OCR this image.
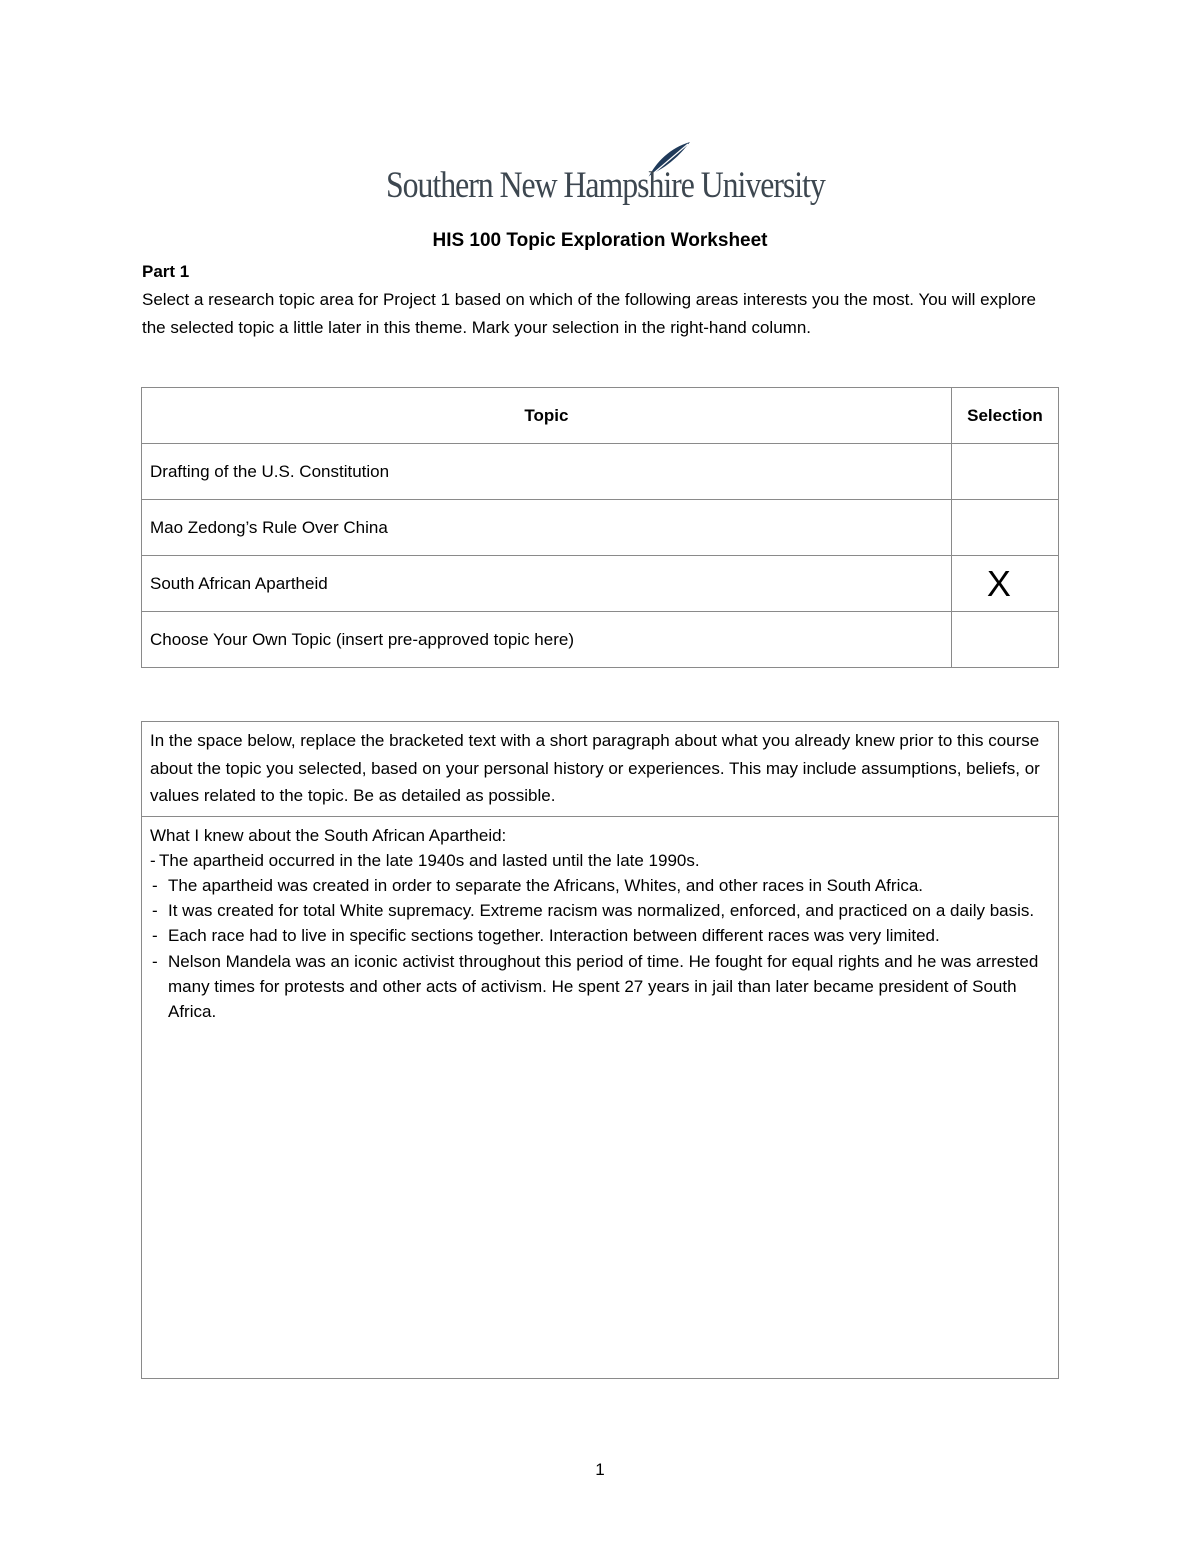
Southern New Hampshire University
HIS 100 Topic Exploration Worksheet
Part 1
Select a research topic area for Project 1 based on which of the following areas interests you the most. You will explore the selected topic a little later in this theme. Mark your selection in the right-hand column.
Topic	Selection
Drafting of the U.S. Constitution	
Mao Zedong’s Rule Over China	
South African Apartheid	X
Choose Your Own Topic (insert pre-approved topic here)	
In the space below, replace the bracketed text with a short paragraph about what you already knew prior to this course about the topic you selected, based on your personal history or experiences. This may include assumptions, beliefs, or values related to the topic. Be as detailed as possible.
What I knew about the South African Apartheid:
- The apartheid occurred in the late 1940s and lasted until the late 1990s.
- The apartheid was created in order to separate the Africans, Whites, and other races in South Africa.
- It was created for total White supremacy. Extreme racism was normalized, enforced, and practiced on a daily basis.
- Each race had to live in specific sections together. Interaction between different races was very limited.
- Nelson Mandela was an iconic activist throughout this period of time. He fought for equal rights and he was arrested many times for protests and other acts of activism. He spent 27 years in jail than later became president of South Africa.
1
